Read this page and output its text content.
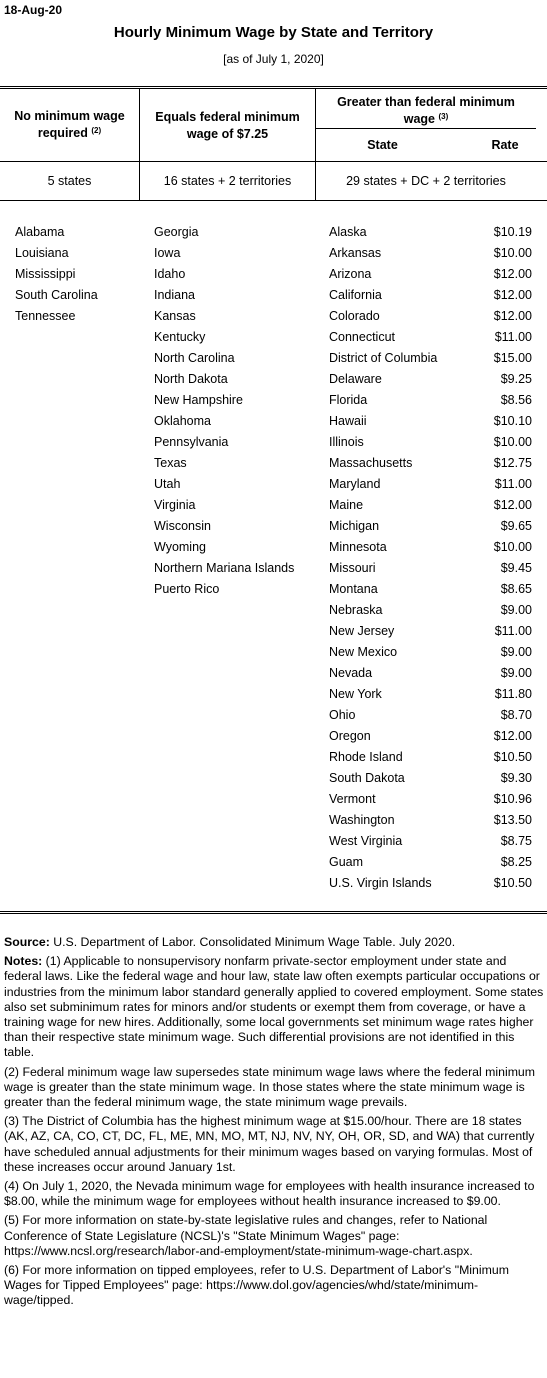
18-Aug-20
Hourly Minimum Wage by State and Territory
[as of July 1, 2020]
No minimum wage
required $^{(2)}$
Equals federal minimum
wage of $7.25
Greater than federal minimum
wage $^{(3)}$
State	Rate
5 states	16 states + 2 territories	29 states + DC + 2 territories
Alabama
Louisiana
Mississippi
South Carolina
Tennessee
Georgia
Iowa
Idaho
Indiana
Kansas
Kentucky
North Carolina
North Dakota
New Hampshire
Oklahoma
Pennsylvania
Texas
Utah
Virginia
Wisconsin
Wyoming
Northern Mariana Islands
Puerto Rico
Alaska	$10.19
Arkansas	$10.00
Arizona	$12.00
California	$12.00
Colorado	$12.00
Connecticut	$11.00
District of Columbia	$15.00
Delaware	$9.25
Florida	$8.56
Hawaii	$10.10
Illinois	$10.00
Massachusetts	$12.75
Maryland	$11.00
Maine	$12.00
Michigan	$9.65
Minnesota	$10.00
Missouri	$9.45
Montana	$8.65
Nebraska	$9.00
New Jersey	$11.00
New Mexico	$9.00
Nevada	$9.00
New York	$11.80
Ohio	$8.70
Oregon	$12.00
Rhode Island	$10.50
South Dakota	$9.30
Vermont	$10.96
Washington	$13.50
West Virginia	$8.75
Guam	$8.25
U.S. Virgin Islands	$10.50

Source: U.S. Department of Labor. Consolidated Minimum Wage Table. July 2020.

Notes: (1) Applicable to nonsupervisory nonfarm private-sector employment under state and federal laws. Like the federal wage and hour law, state law often exempts particular occupations or industries from the minimum labor standard generally applied to covered employment. Some states also set subminimum rates for minors and/or students or exempt them from coverage, or have a training wage for new hires. Additionally, some local governments set minimum wage rates higher than their respective state minimum wage. Such differential provisions are not identified in this table.

(2) Federal minimum wage law supersedes state minimum wage laws where the federal minimum wage is greater than the state minimum wage. In those states where the state minimum wage is greater than the federal minimum wage, the state minimum wage prevails.

(3) The District of Columbia has the highest minimum wage at $15.00/hour. There are 18 states (AK, AZ, CA, CO, CT, DC, FL, ME, MN, MO, MT, NJ, NV, NY, OH, OR, SD, and WA) that currently have scheduled annual adjustments for their minimum wages based on varying formulas. Most of these increases occur around January 1st.

(4) On July 1, 2020, the Nevada minimum wage for employees with health insurance increased to $8.00, while the minimum wage for employees without health insurance increased to $9.00.

(5) For more information on state-by-state legislative rules and changes, refer to National Conference of State Legislature (NCSL)'s "State Minimum Wages" page: https://www.ncsl.org/research/labor-and-employment/state-minimum-wage-chart.aspx.

(6) For more information on tipped employees, refer to U.S. Department of Labor's "Minimum Wages for Tipped Employees" page: https://www.dol.gov/agencies/whd/state/minimum-wage/tipped.
